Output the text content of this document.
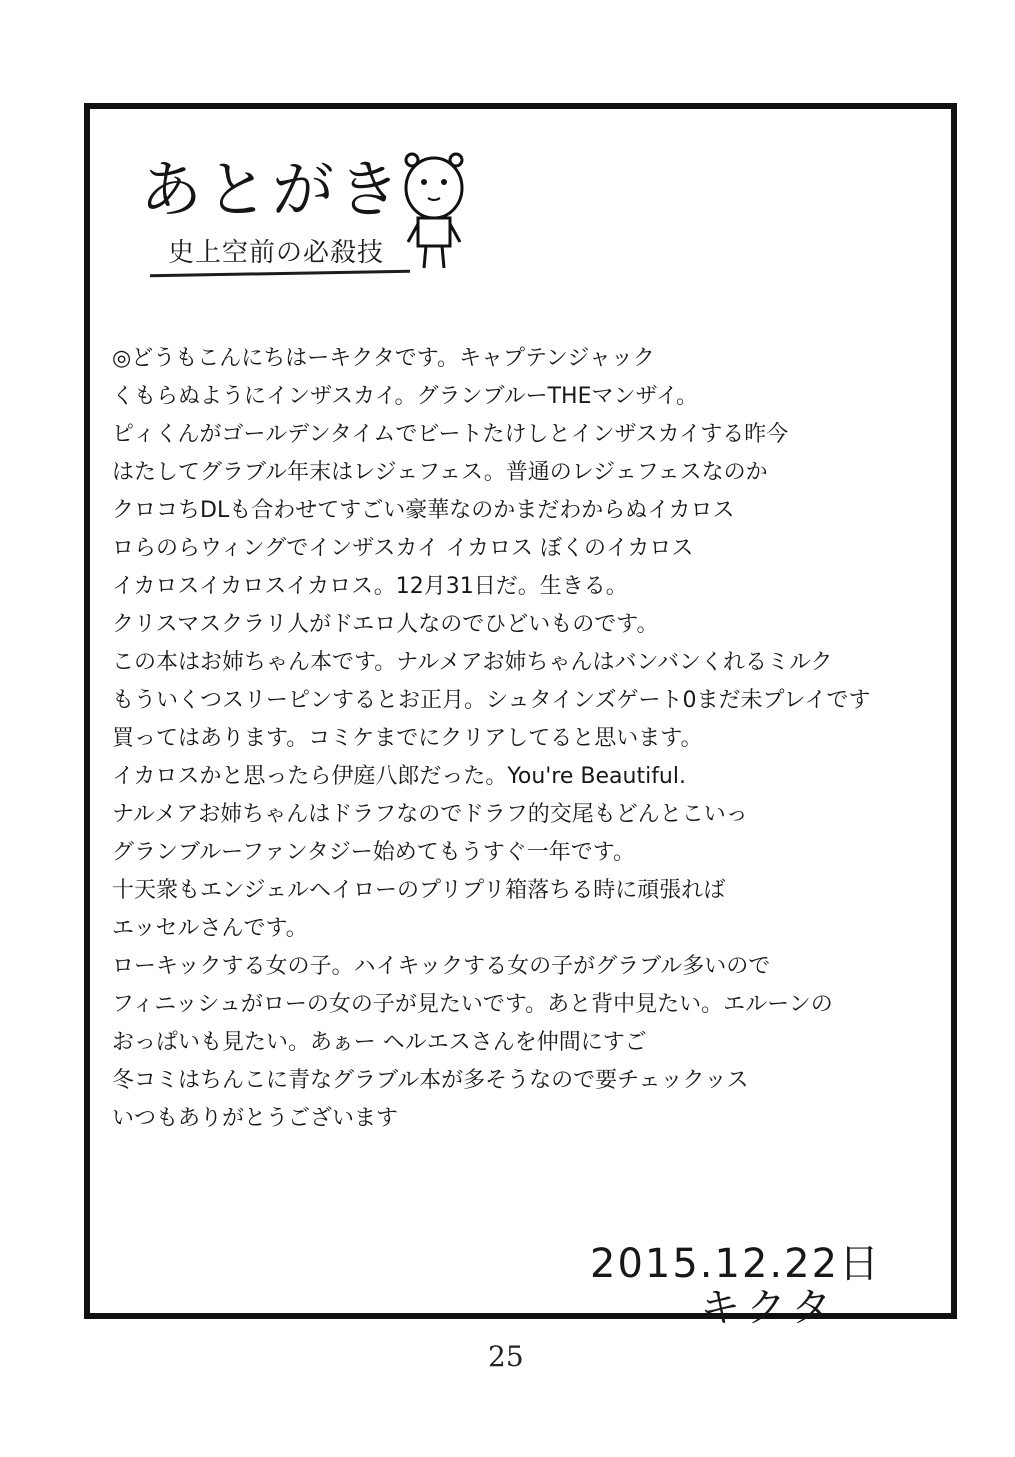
あとがき
史上空前の必殺技
◎どうもこんにちはーキクタです。キャプテンジャック
くもらぬようにインザスカイ。グランブルーTHEマンザイ。
ピィくんがゴールデンタイムでビートたけしとインザスカイする昨今
はたしてグラブル年末はレジェフェス。普通のレジェフェスなのか
クロコちDLも合わせてすごい豪華なのかまだわからぬイカロス
ロらのらウィングでインザスカイ イカロス ぼくのイカロス
イカロスイカロスイカロス。12月31日だ。生きる。
クリスマスクラリ人がドエロ人なのでひどいものです。
この本はお姉ちゃん本です。ナルメアお姉ちゃんはバンバンくれるミルク
もういくつスリーピンするとお正月。シュタインズゲート0まだ未プレイです
買ってはあります。コミケまでにクリアしてると思います。
イカロスかと思ったら伊庭八郎だった。You're Beautiful.
ナルメアお姉ちゃんはドラフなのでドラフ的交尾もどんとこいっ
グランブルーファンタジー始めてもうすぐ一年です。
十天衆もエンジェルヘイローのプリプリ箱落ちる時に頑張れば
エッセルさんです。
ローキックする女の子。ハイキックする女の子がグラブル多いので
フィニッシュがローの女の子が見たいです。あと背中見たい。エルーンの
おっぱいも見たい。あぁー ヘルエスさんを仲間にすご
冬コミはちんこに青なグラブル本が多そうなので要チェックッス
いつもありがとうございます
2015.12.22日
キクタ
25
